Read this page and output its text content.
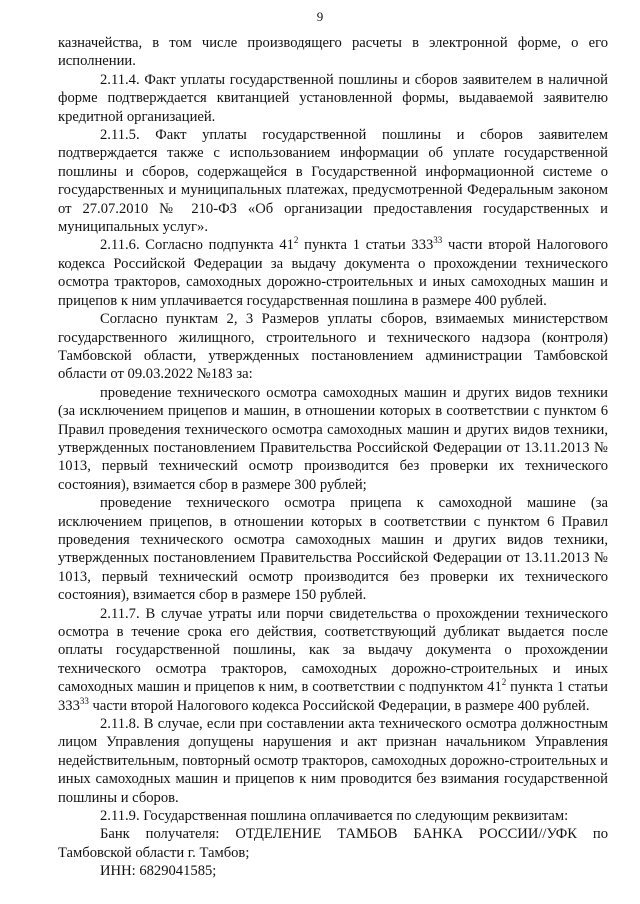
9

казначейства, в том числе производящего расчеты в электронной форме, о его исполнении.

2.11.4. Факт уплаты государственной пошлины и сборов заявителем в наличной форме подтверждается квитанцией установленной формы, выдаваемой заявителю кредитной организацией.

2.11.5. Факт уплаты государственной пошлины и сборов заявителем подтверждается также с использованием информации об уплате государственной пошлины и сборов, содержащейся в Государственной информационной системе о государственных и муниципальных платежах, предусмотренной Федеральным законом от 27.07.2010 № 210-ФЗ «Об организации предоставления государственных и муниципальных услуг».

2.11.6. Согласно подпункта $41^2$ пункта 1 статьи $333^{33}$ части второй Налогового кодекса Российской Федерации за выдачу документа о прохождении технического осмотра тракторов, самоходных дорожно-строительных и иных самоходных машин и прицепов к ним уплачивается государственная пошлина в размере 400 рублей.

Согласно пунктам 2, 3 Размеров уплаты сборов, взимаемых министерством государственного жилищного, строительного и технического надзора (контроля) Тамбовской области, утвержденных постановлением администрации Тамбовской области от 09.03.2022 №183 за:

проведение технического осмотра самоходных машин и других видов техники (за исключением прицепов и машин, в отношении которых в соответствии с пунктом 6 Правил проведения технического осмотра самоходных машин и других видов техники, утвержденных постановлением Правительства Российской Федерации от 13.11.2013 № 1013, первый технический осмотр производится без проверки их технического состояния), взимается сбор в размере 300 рублей;

проведение технического осмотра прицепа к самоходной машине (за исключением прицепов, в отношении которых в соответствии с пунктом 6 Правил проведения технического осмотра самоходных машин и других видов техники, утвержденных постановлением Правительства Российской Федерации от 13.11.2013 № 1013, первый технический осмотр производится без проверки их технического состояния), взимается сбор в размере 150 рублей.

2.11.7. В случае утраты или порчи свидетельства о прохождении технического осмотра в течение срока его действия, соответствующий дубликат выдается после оплаты государственной пошлины, как за выдачу документа о прохождении технического осмотра тракторов, самоходных дорожно-строительных и иных самоходных машин и прицепов к ним, в соответствии с подпунктом $41^2$ пункта 1 статьи $333^{33}$ части второй Налогового кодекса Российской Федерации, в размере 400 рублей.

2.11.8. В случае, если при составлении акта технического осмотра должностным лицом Управления допущены нарушения и акт признан начальником Управления недействительным, повторный осмотр тракторов, самоходных дорожно-строительных и иных самоходных машин и прицепов к ним проводится без взимания государственной пошлины и сборов.

2.11.9. Государственная пошлина оплачивается по следующим реквизитам:

Банк получателя: ОТДЕЛЕНИЕ ТАМБОВ БАНКА РОССИИ//УФК по Тамбовской области г. Тамбов;

ИНН: 6829041585;
